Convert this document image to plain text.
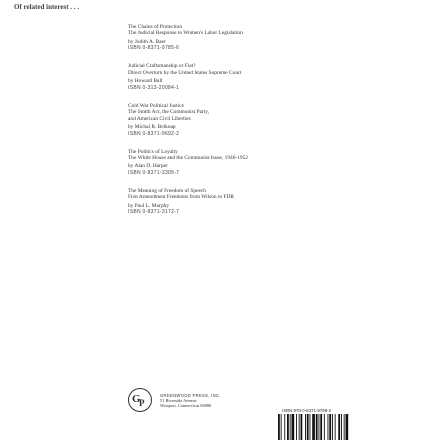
Of related interest . . .
The Chains of Protection
The Judicial Response to Women's Labor Legislation
by Judith A. Baer
ISBN 0-8371-9785-6
Judicial Craftsmanship or Fiat?
Direct Overturn by the United States Supreme Court
by Howard Ball
ISBN 0-313-20084-1
Cold War Political Justice
The Smith Act, the Communist Party,
and American Civil Liberties
by Michal R. Belknap
ISBN 0-8371-9692-2
The Politics of Loyalty
The White House and the Communist Issue, 1946-1952
by Alan D. Harper
ISBN 0-8371-3305-7
The Meaning of Freedom of Speech
First Amendment Freedoms from Wilson to FDR
by Paul L. Murphy
ISBN 0-8371-3172-7
G
P
GREENWOOD PRESS, INC.
51 Riverside Avenue
Westport, Connecticut 06880
ISBN 978-0-8371-9798-2
